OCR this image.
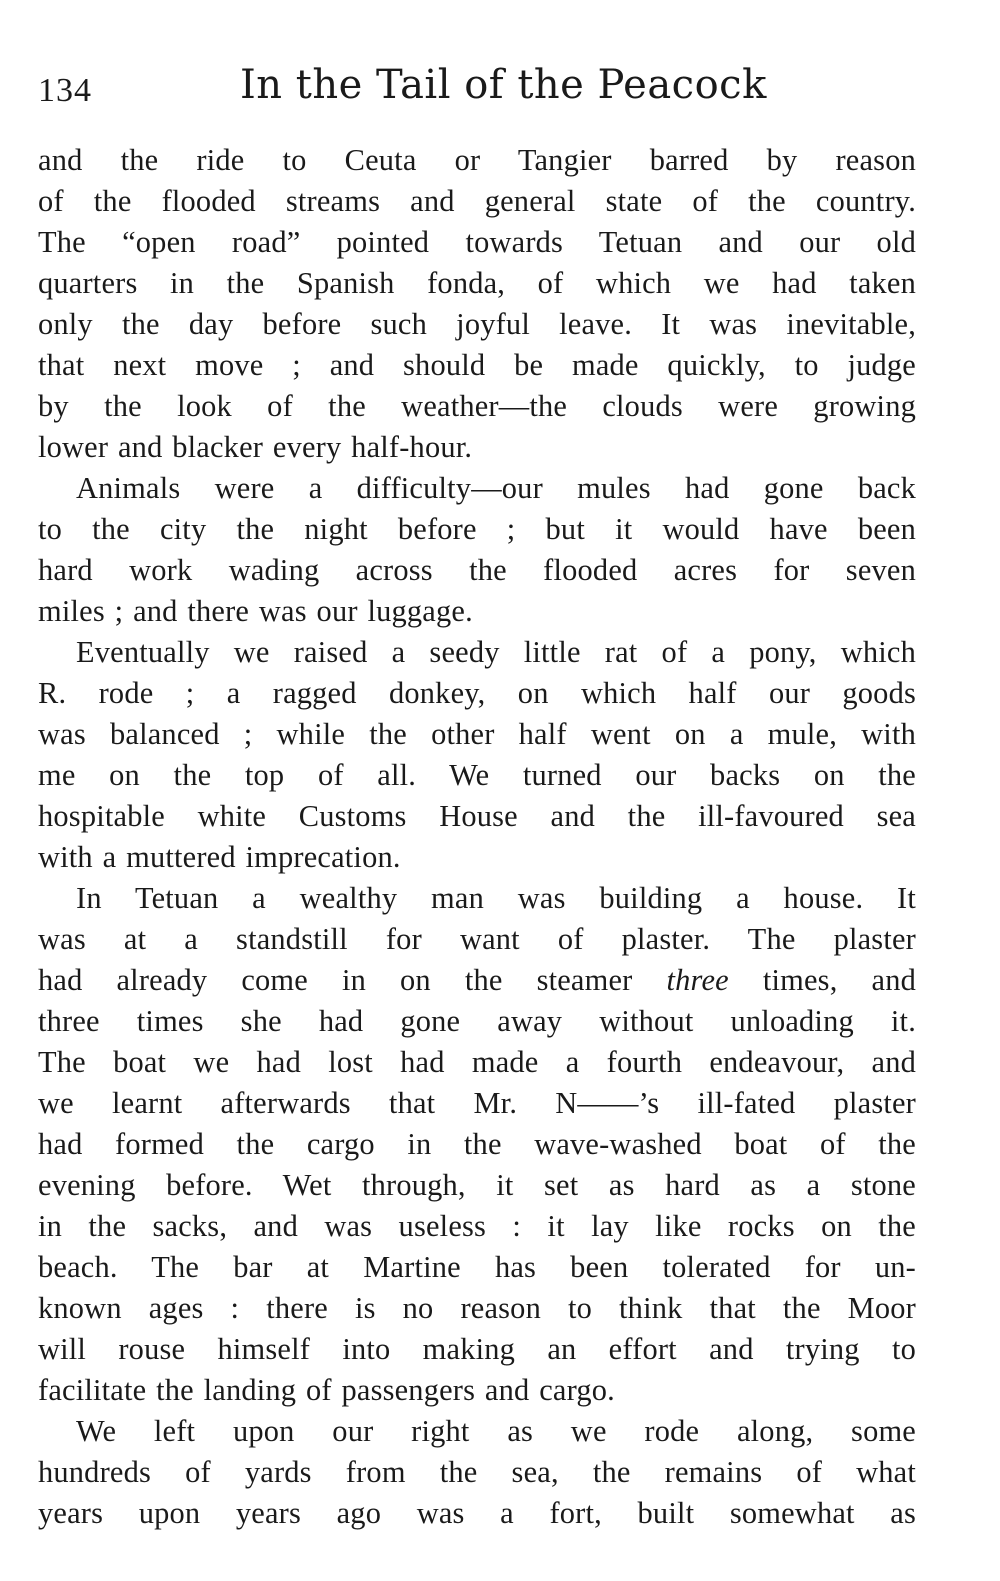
134	In the Tail of the Peacock

and the ride to Ceuta or Tangier barred by reason
of the flooded streams and general state of the country.
The “open road” pointed towards Tetuan and our old
quarters in the Spanish fonda, of which we had taken
only the day before such joyful leave. It was inevitable,
that next move ; and should be made quickly, to judge
by the look of the weather—the clouds were growing
lower and blacker every half-hour.

Animals were a difficulty—our mules had gone back
to the city the night before ; but it would have been
hard work wading across the flooded acres for seven
miles ; and there was our luggage.

Eventually we raised a seedy little rat of a pony, which
R. rode ; a ragged donkey, on which half our goods
was balanced ; while the other half went on a mule, with
me on the top of all. We turned our backs on the
hospitable white Customs House and the ill-favoured sea
with a muttered imprecation.

In Tetuan a wealthy man was building a house. It
was at a standstill for want of plaster. The plaster
had already come in on the steamer three times, and
three times she had gone away without unloading it.
The boat we had lost had made a fourth endeavour, and
we learnt afterwards that Mr. N——’s ill-fated plaster
had formed the cargo in the wave-washed boat of the
evening before. Wet through, it set as hard as a stone
in the sacks, and was useless : it lay like rocks on the
beach. The bar at Martine has been tolerated for un-
known ages : there is no reason to think that the Moor
will rouse himself into making an effort and trying to
facilitate the landing of passengers and cargo.

We left upon our right as we rode along, some
hundreds of yards from the sea, the remains of what
years upon years ago was a fort, built somewhat as
